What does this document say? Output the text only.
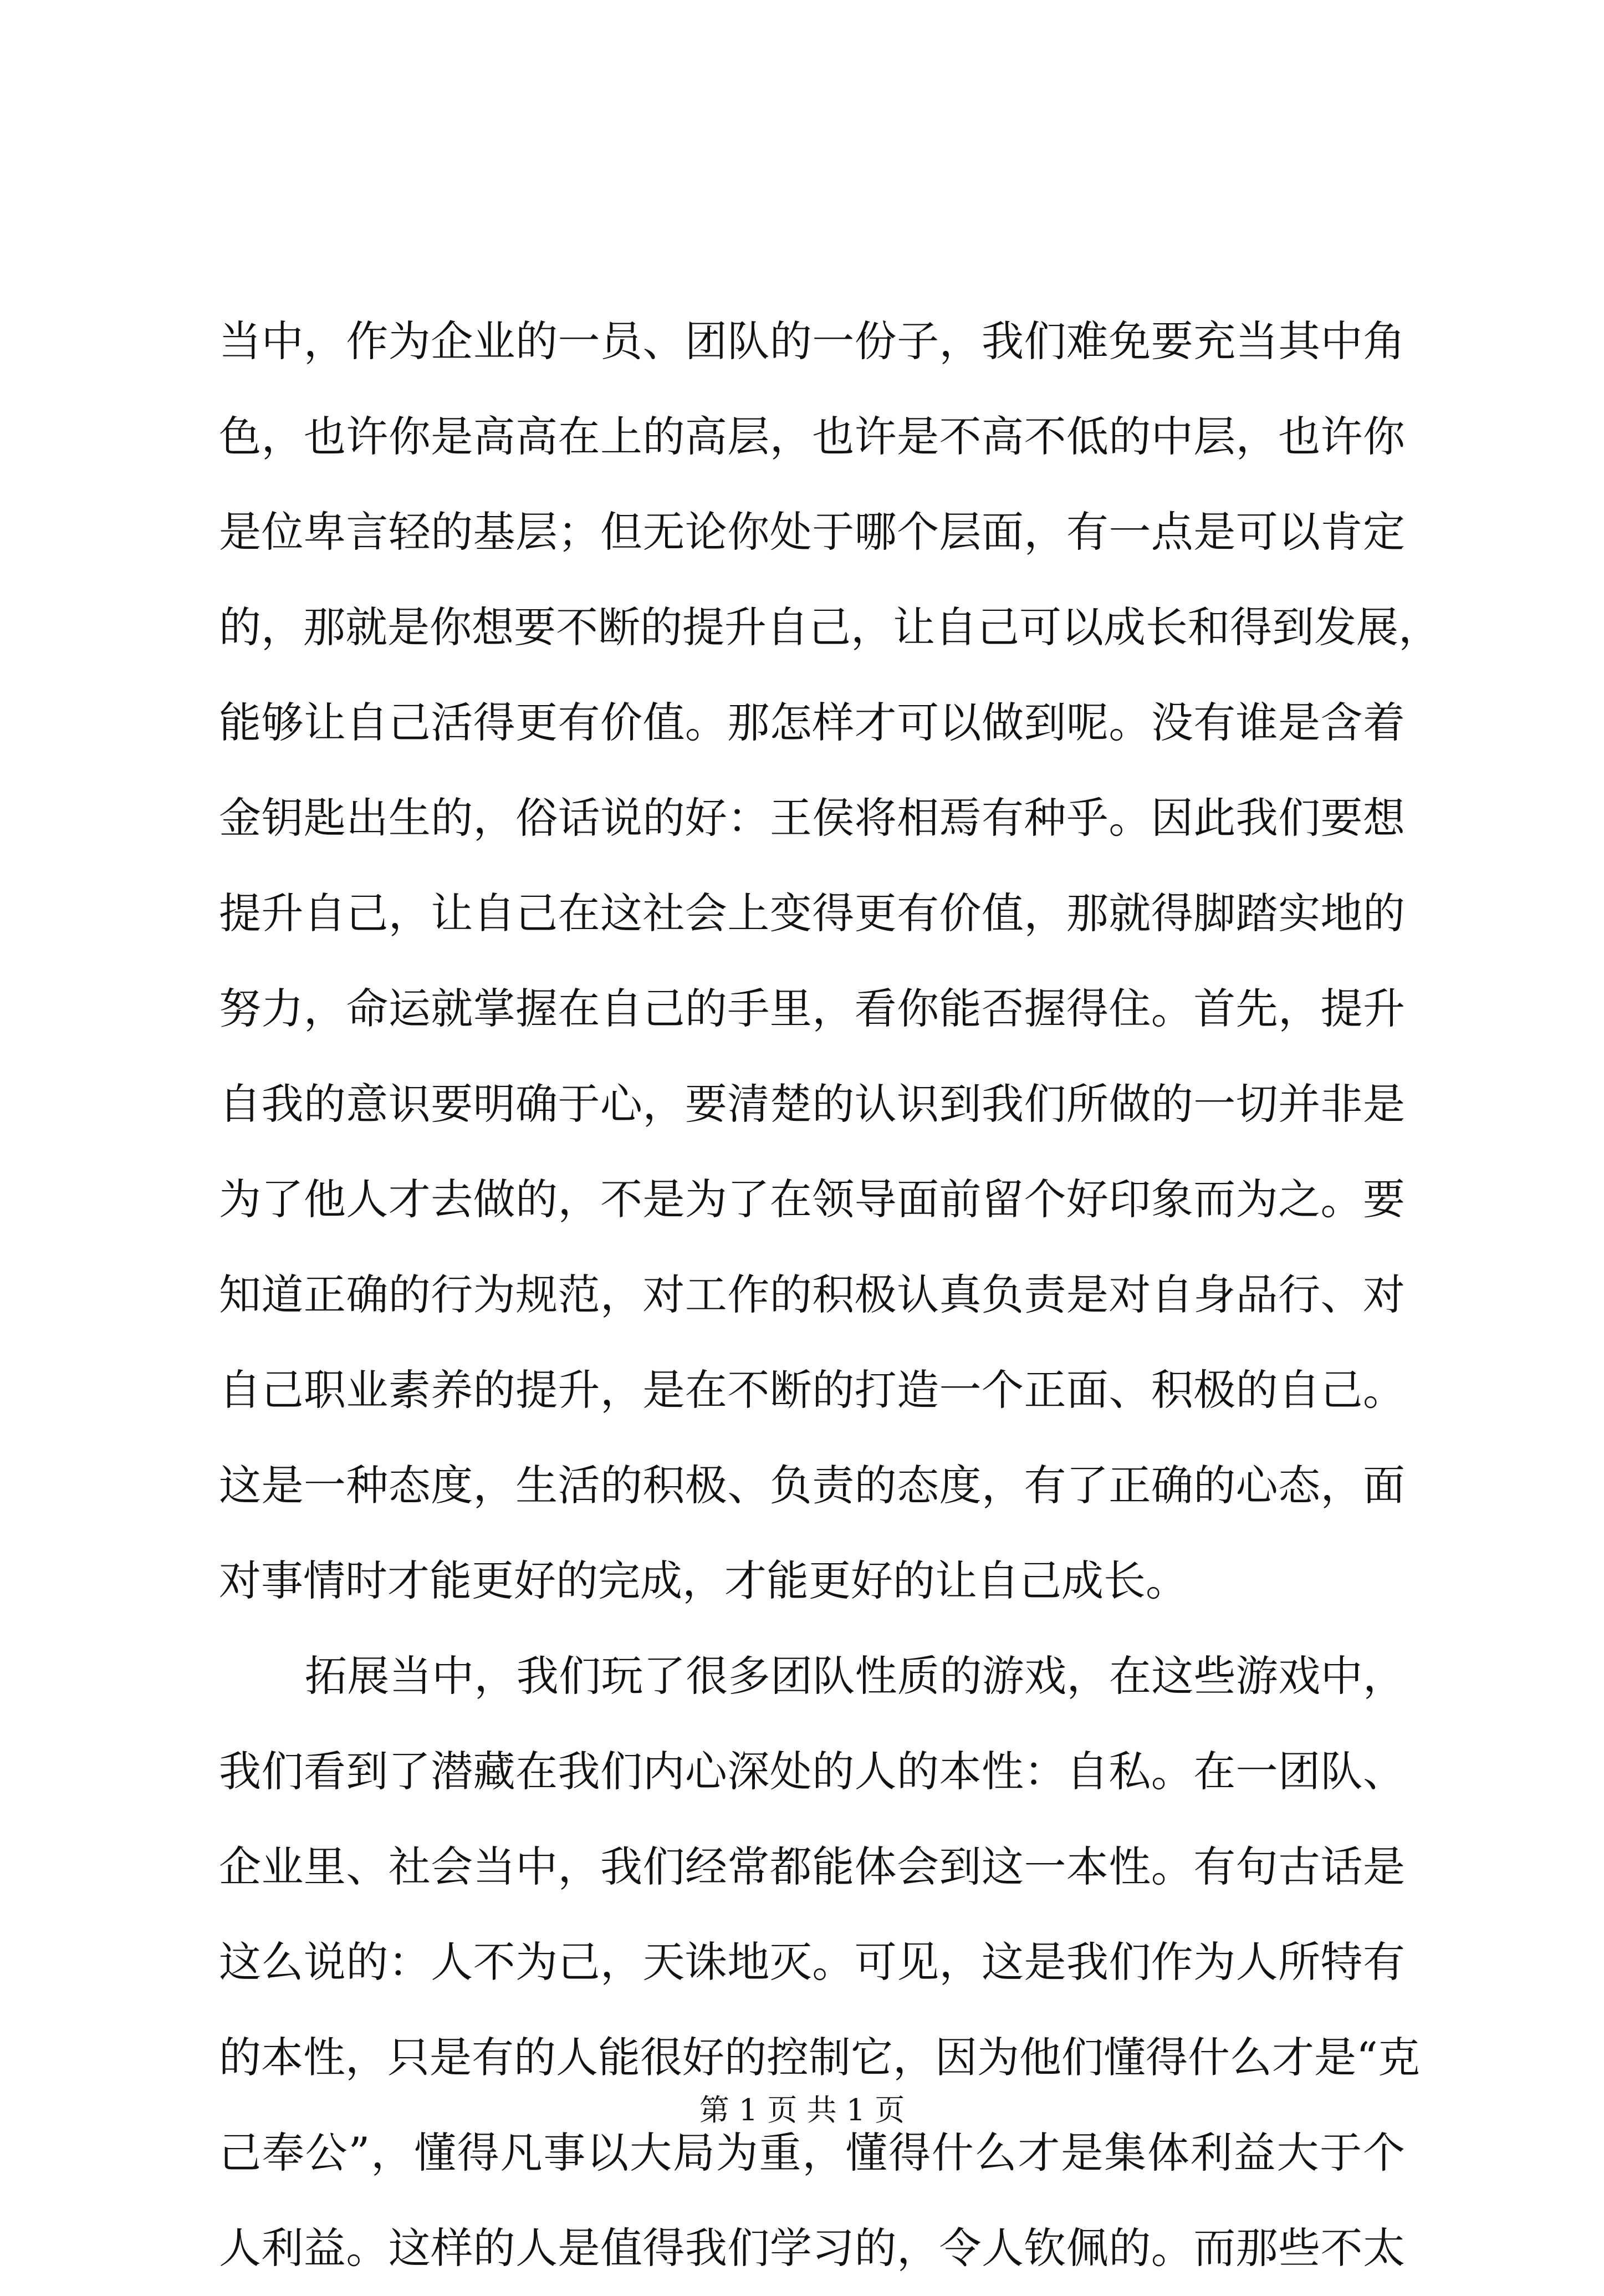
当中，作为企业的一员、团队的一份子，我们难免要充当其中角
色，也许你是高高在上的高层，也许是不高不低的中层，也许你
是位卑言轻的基层；但无论你处于哪个层面，有一点是可以肯定
的，那就是你想要不断的提升自己，让自己可以成长和得到发展，
能够让自己活得更有价值。那怎样才可以做到呢。没有谁是含着
金钥匙出生的，俗话说的好：王侯将相焉有种乎。因此我们要想
提升自己，让自己在这社会上变得更有价值，那就得脚踏实地的
努力，命运就掌握在自己的手里，看你能否握得住。首先，提升
自我的意识要明确于心，要清楚的认识到我们所做的一切并非是
为了他人才去做的，不是为了在领导面前留个好印象而为之。要
知道正确的行为规范，对工作的积极认真负责是对自身品行、对
自己职业素养的提升，是在不断的打造一个正面、积极的自己。
这是一种态度，生活的积极、负责的态度，有了正确的心态，面
对事情时才能更好的完成，才能更好的让自己成长。
拓展当中，我们玩了很多团队性质的游戏，在这些游戏中，
我们看到了潜藏在我们内心深处的人的本性：自私。在一团队、
企业里、社会当中，我们经常都能体会到这一本性。有句古话是
这么说的：人不为己，天诛地灭。可见，这是我们作为人所特有
的本性，只是有的人能很好的控制它，因为他们懂得什么才是“克
己奉公”，懂得凡事以大局为重，懂得什么才是集体利益大于个
人利益。这样的人是值得我们学习的，令人钦佩的。而那些不太
第 1 页 共 1 页
